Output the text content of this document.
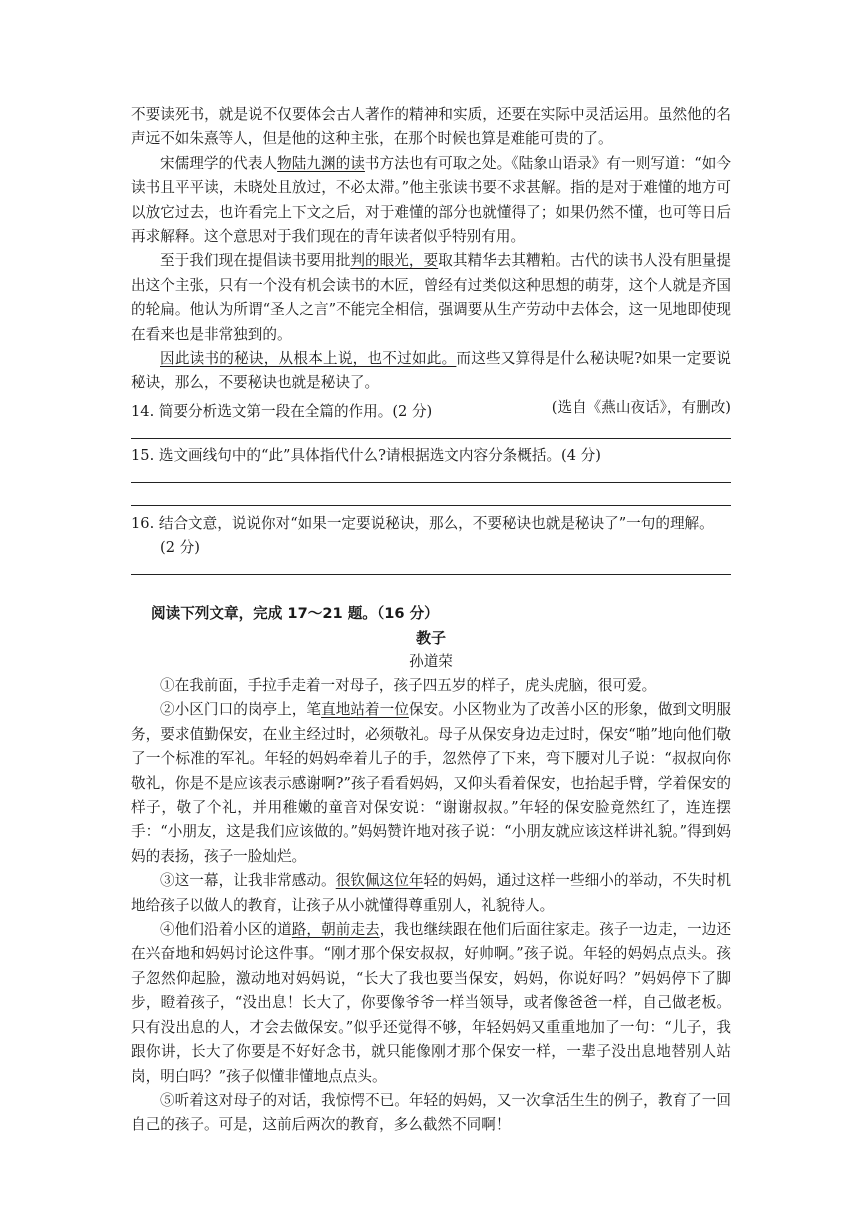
不要读死书，就是说不仅要体会古人著作的精神和实质，还要在实际中灵活运用。虽然他的名声远不如朱熹等人，但是他的这种主张，在那个时候也算是难能可贵的了。

宋儒理学的代表人物陆九渊的读书方法也有可取之处。《陆象山语录》有一则写道：“如今读书且平平读，未晓处且放过，不必太滞。”他主张读书要不求甚解。指的是对于难懂的地方可以放它过去，也许看完上下文之后，对于难懂的部分也就懂得了；如果仍然不懂，也可等日后再求解释。这个意思对于我们现在的青年读者似乎特别有用。

至于我们现在提倡读书要用批判的眼光，要取其精华去其糟粕。古代的读书人没有胆量提出这个主张，只有一个没有机会读书的木匠，曾经有过类似这种思想的萌芽，这个人就是齐国的轮扁。他认为所谓“圣人之言”不能完全相信，强调要从生产劳动中去体会，这一见地即使现在看来也是非常独到的。

因此读书的秘诀，从根本上说，也不过如此。而这些又算得是什么秘诀呢?如果一定要说秘诀，那么，不要秘诀也就是秘诀了。

(选自《燕山夜话》，有删改)

14. 简要分析选文第一段在全篇的作用。(2 分)

15. 选文画线句中的“此”具体指代什么?请根据选文内容分条概括。(4 分)

16. 结合文意，说说你对“如果一定要说秘诀，那么，不要秘诀也就是秘诀了”一句的理解。
(2 分)

阅读下列文章，完成 17～21 题。（16 分）

教子

孙道荣

①在我前面，手拉手走着一对母子，孩子四五岁的样子，虎头虎脑，很可爱。

②小区门口的岗亭上，笔直地站着一位保安。小区物业为了改善小区的形象，做到文明服务，要求值勤保安，在业主经过时，必须敬礼。母子从保安身边走过时，保安“啪”地向他们敬了一个标准的军礼。年轻的妈妈牵着儿子的手，忽然停了下来，弯下腰对儿子说：“叔叔向你敬礼，你是不是应该表示感谢啊?”孩子看看妈妈，又仰头看着保安，也抬起手臂，学着保安的样子，敬了个礼，并用稚嫩的童音对保安说：“谢谢叔叔。”年轻的保安脸竟然红了，连连摆手：“小朋友，这是我们应该做的。”妈妈赞许地对孩子说：“小朋友就应该这样讲礼貌。”得到妈妈的表扬，孩子一脸灿烂。

③这一幕，让我非常感动。很钦佩这位年轻的妈妈，通过这样一些细小的举动，不失时机地给孩子以做人的教育，让孩子从小就懂得尊重别人，礼貌待人。

④他们沿着小区的道路，朝前走去，我也继续跟在他们后面往家走。孩子一边走，一边还在兴奋地和妈妈讨论这件事。“刚才那个保安叔叔，好帅啊。”孩子说。年轻的妈妈点点头。孩子忽然仰起脸，激动地对妈妈说，“长大了我也要当保安，妈妈，你说好吗？”妈妈停下了脚步，瞪着孩子，“没出息！长大了，你要像爷爷一样当领导，或者像爸爸一样，自己做老板。只有没出息的人，才会去做保安。”似乎还觉得不够，年轻妈妈又重重地加了一句：“儿子，我跟你讲，长大了你要是不好好念书，就只能像刚才那个保安一样，一辈子没出息地替别人站岗，明白吗？”孩子似懂非懂地点点头。

⑤听着这对母子的对话，我惊愕不已。年轻的妈妈，又一次拿活生生的例子，教育了一回自己的孩子。可是，这前后两次的教育，多么截然不同啊！
